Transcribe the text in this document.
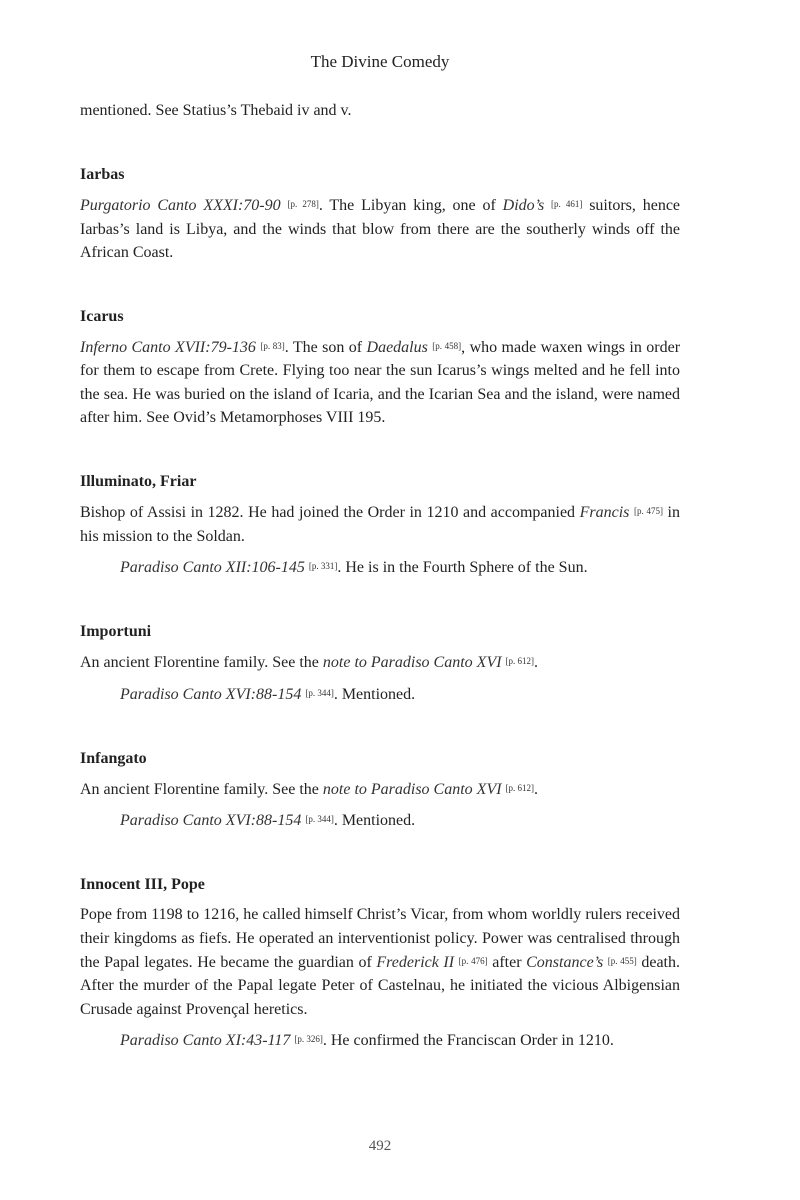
The Divine Comedy

mentioned. See Statius’s Thebaid iv and v.

Iarbas

Purgatorio Canto XXXI:70-90 [p. 278]. The Libyan king, one of Dido’s [p. 461] suitors, hence Iarbas’s land is Libya, and the winds that blow from there are the southerly winds off the African Coast.

Icarus

Inferno Canto XVII:79-136 [p. 83]. The son of Daedalus [p. 458], who made waxen wings in order for them to escape from Crete. Flying too near the sun Icarus’s wings melted and he fell into the sea. He was buried on the island of Icaria, and the Icarian Sea and the island, were named after him. See Ovid’s Metamorphoses VIII 195.

Illuminato, Friar

Bishop of Assisi in 1282. He had joined the Order in 1210 and accompanied Francis [p. 475] in his mission to the Soldan.

Paradiso Canto XII:106-145 [p. 331]. He is in the Fourth Sphere of the Sun.

Importuni

An ancient Florentine family. See the note to Paradiso Canto XVI [p. 612].

Paradiso Canto XVI:88-154 [p. 344]. Mentioned.

Infangato

An ancient Florentine family. See the note to Paradiso Canto XVI [p. 612].

Paradiso Canto XVI:88-154 [p. 344]. Mentioned.

Innocent III, Pope

Pope from 1198 to 1216, he called himself Christ’s Vicar, from whom worldly rulers received their kingdoms as fiefs. He operated an interventionist policy. Power was centralised through the Papal legates. He became the guardian of Frederick II [p. 476] after Constance’s [p. 455] death. After the murder of the Papal legate Peter of Castelnau, he initiated the vicious Albigensian Crusade against Provençal heretics.

Paradiso Canto XI:43-117 [p. 326]. He confirmed the Franciscan Order in 1210.

492
